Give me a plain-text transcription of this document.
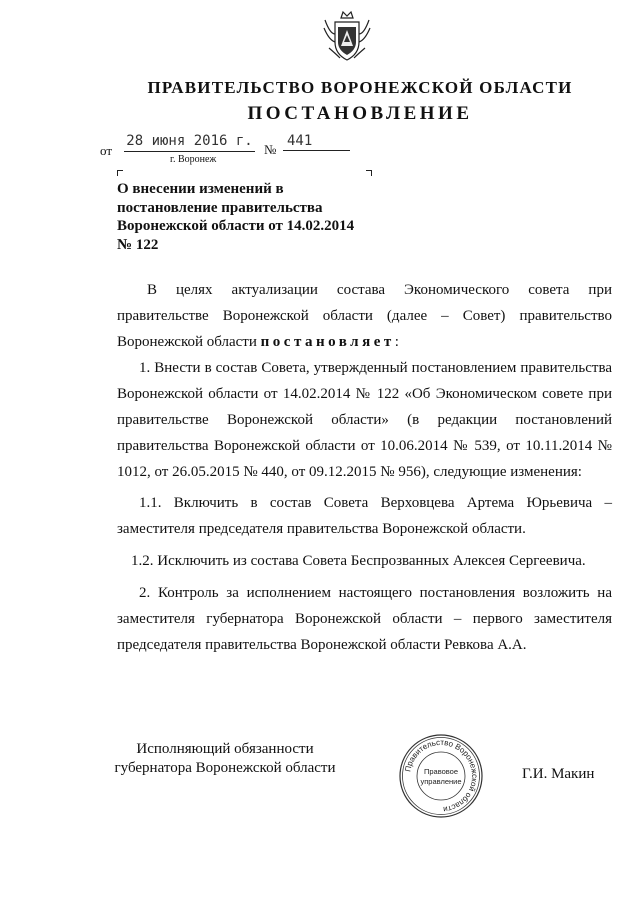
ПРАВИТЕЛЬСТВО ВОРОНЕЖСКОЙ ОБЛАСТИ
ПОСТАНОВЛЕНИЕ
от
28 июня 2016 г.
№
441
г. Воронеж
О внесении изменений в
постановление правительства
Воронежской области от 14.02.2014
№ 122

В целях актуализации состава Экономического совета при правительстве Воронежской области (далее – Совет) правительство Воронежской области постановляет:

1. Внести в состав Совета, утвержденный постановлением правительства Воронежской области от 14.02.2014 № 122 «Об Экономическом совете при правительстве Воронежской области» (в редакции постановлений правительства Воронежской области от 10.06.2014 № 539, от 10.11.2014 № 1012, от 26.05.2015 № 440, от 09.12.2015 № 956), следующие изменения:

1.1. Включить в состав Совета Верховцева Артема Юрьевича – заместителя председателя правительства Воронежской области.

1.2. Исключить из состава Совета Беспрозванных Алексея Сергеевича.

2. Контроль за исполнением настоящего постановления возложить на заместителя губернатора Воронежской области – первого заместителя председателя правительства Воронежской области Ревкова А.А.

Исполняющий обязанности
губернатора Воронежской области	Правительство Воронежской области
Правовое
управление	Г.И. Макин
